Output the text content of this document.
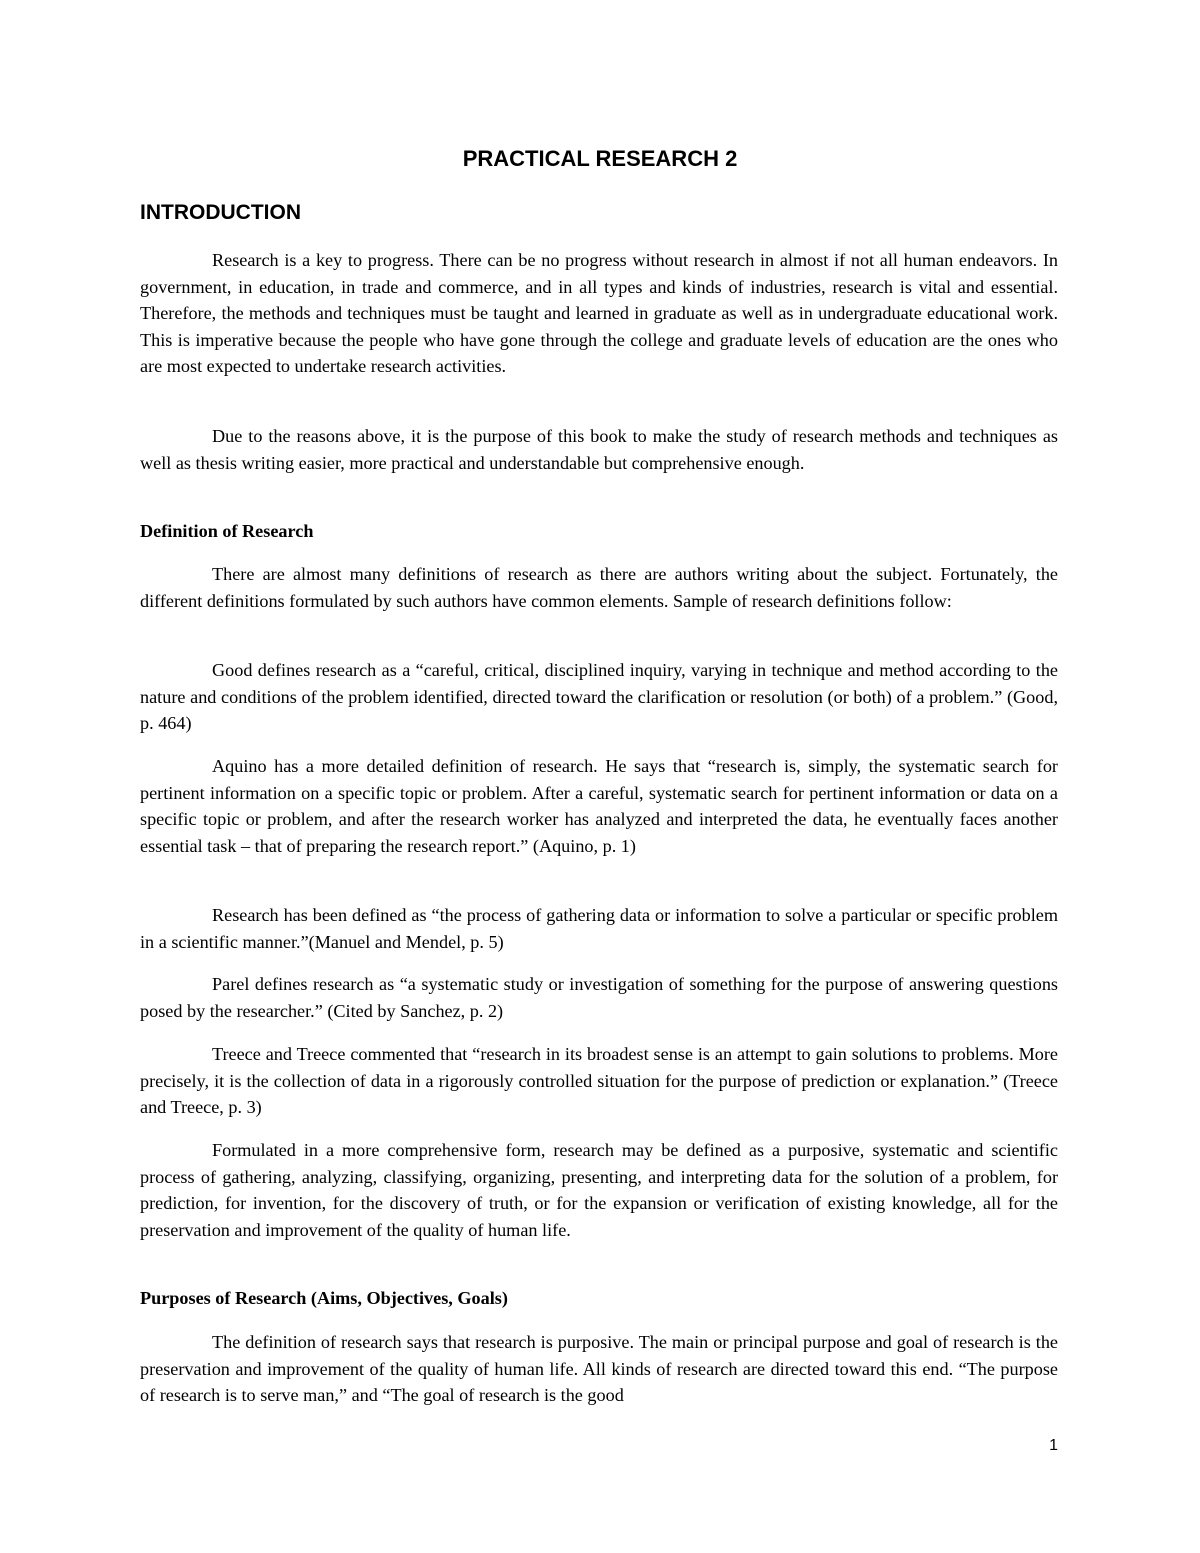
PRACTICAL RESEARCH 2
INTRODUCTION

Research is a key to progress. There can be no progress without research in almost if not all human endeavors. In government, in education, in trade and commerce, and in all types and kinds of industries, research is vital and essential. Therefore, the methods and techniques must be taught and learned in graduate as well as in undergraduate educational work. This is imperative because the people who have gone through the college and graduate levels of education are the ones who are most expected to undertake research activities.

Due to the reasons above, it is the purpose of this book to make the study of research methods and techniques as well as thesis writing easier, more practical and understandable but comprehensive enough.

Definition of Research

There are almost many definitions of research as there are authors writing about the subject. Fortunately, the different definitions formulated by such authors have common elements. Sample of research definitions follow:

Good defines research as a “careful, critical, disciplined inquiry, varying in technique and method according to the nature and conditions of the problem identified, directed toward the clarification or resolution (or both) of a problem.” (Good, p. 464)

Aquino has a more detailed definition of research. He says that “research is, simply, the systematic search for pertinent information on a specific topic or problem. After a careful, systematic search for pertinent information or data on a specific topic or problem, and after the research worker has analyzed and interpreted the data, he eventually faces another essential task – that of preparing the research report.” (Aquino, p. 1)

Research has been defined as “the process of gathering data or information to solve a particular or specific problem in a scientific manner.”(Manuel and Mendel, p. 5)

Parel defines research as “a systematic study or investigation of something for the purpose of answering questions posed by the researcher.” (Cited by Sanchez, p. 2)

Treece and Treece commented that “research in its broadest sense is an attempt to gain solutions to problems. More precisely, it is the collection of data in a rigorously controlled situation for the purpose of prediction or explanation.” (Treece and Treece, p. 3)

Formulated in a more comprehensive form, research may be defined as a purposive, systematic and scientific process of gathering, analyzing, classifying, organizing, presenting, and interpreting data for the solution of a problem, for prediction, for invention, for the discovery of truth, or for the expansion or verification of existing knowledge, all for the preservation and improvement of the quality of human life.

Purposes of Research (Aims, Objectives, Goals)

The definition of research says that research is purposive. The main or principal purpose and goal of research is the preservation and improvement of the quality of human life. All kinds of research are directed toward this end. “The purpose of research is to serve man,” and “The goal of research is the good

1
